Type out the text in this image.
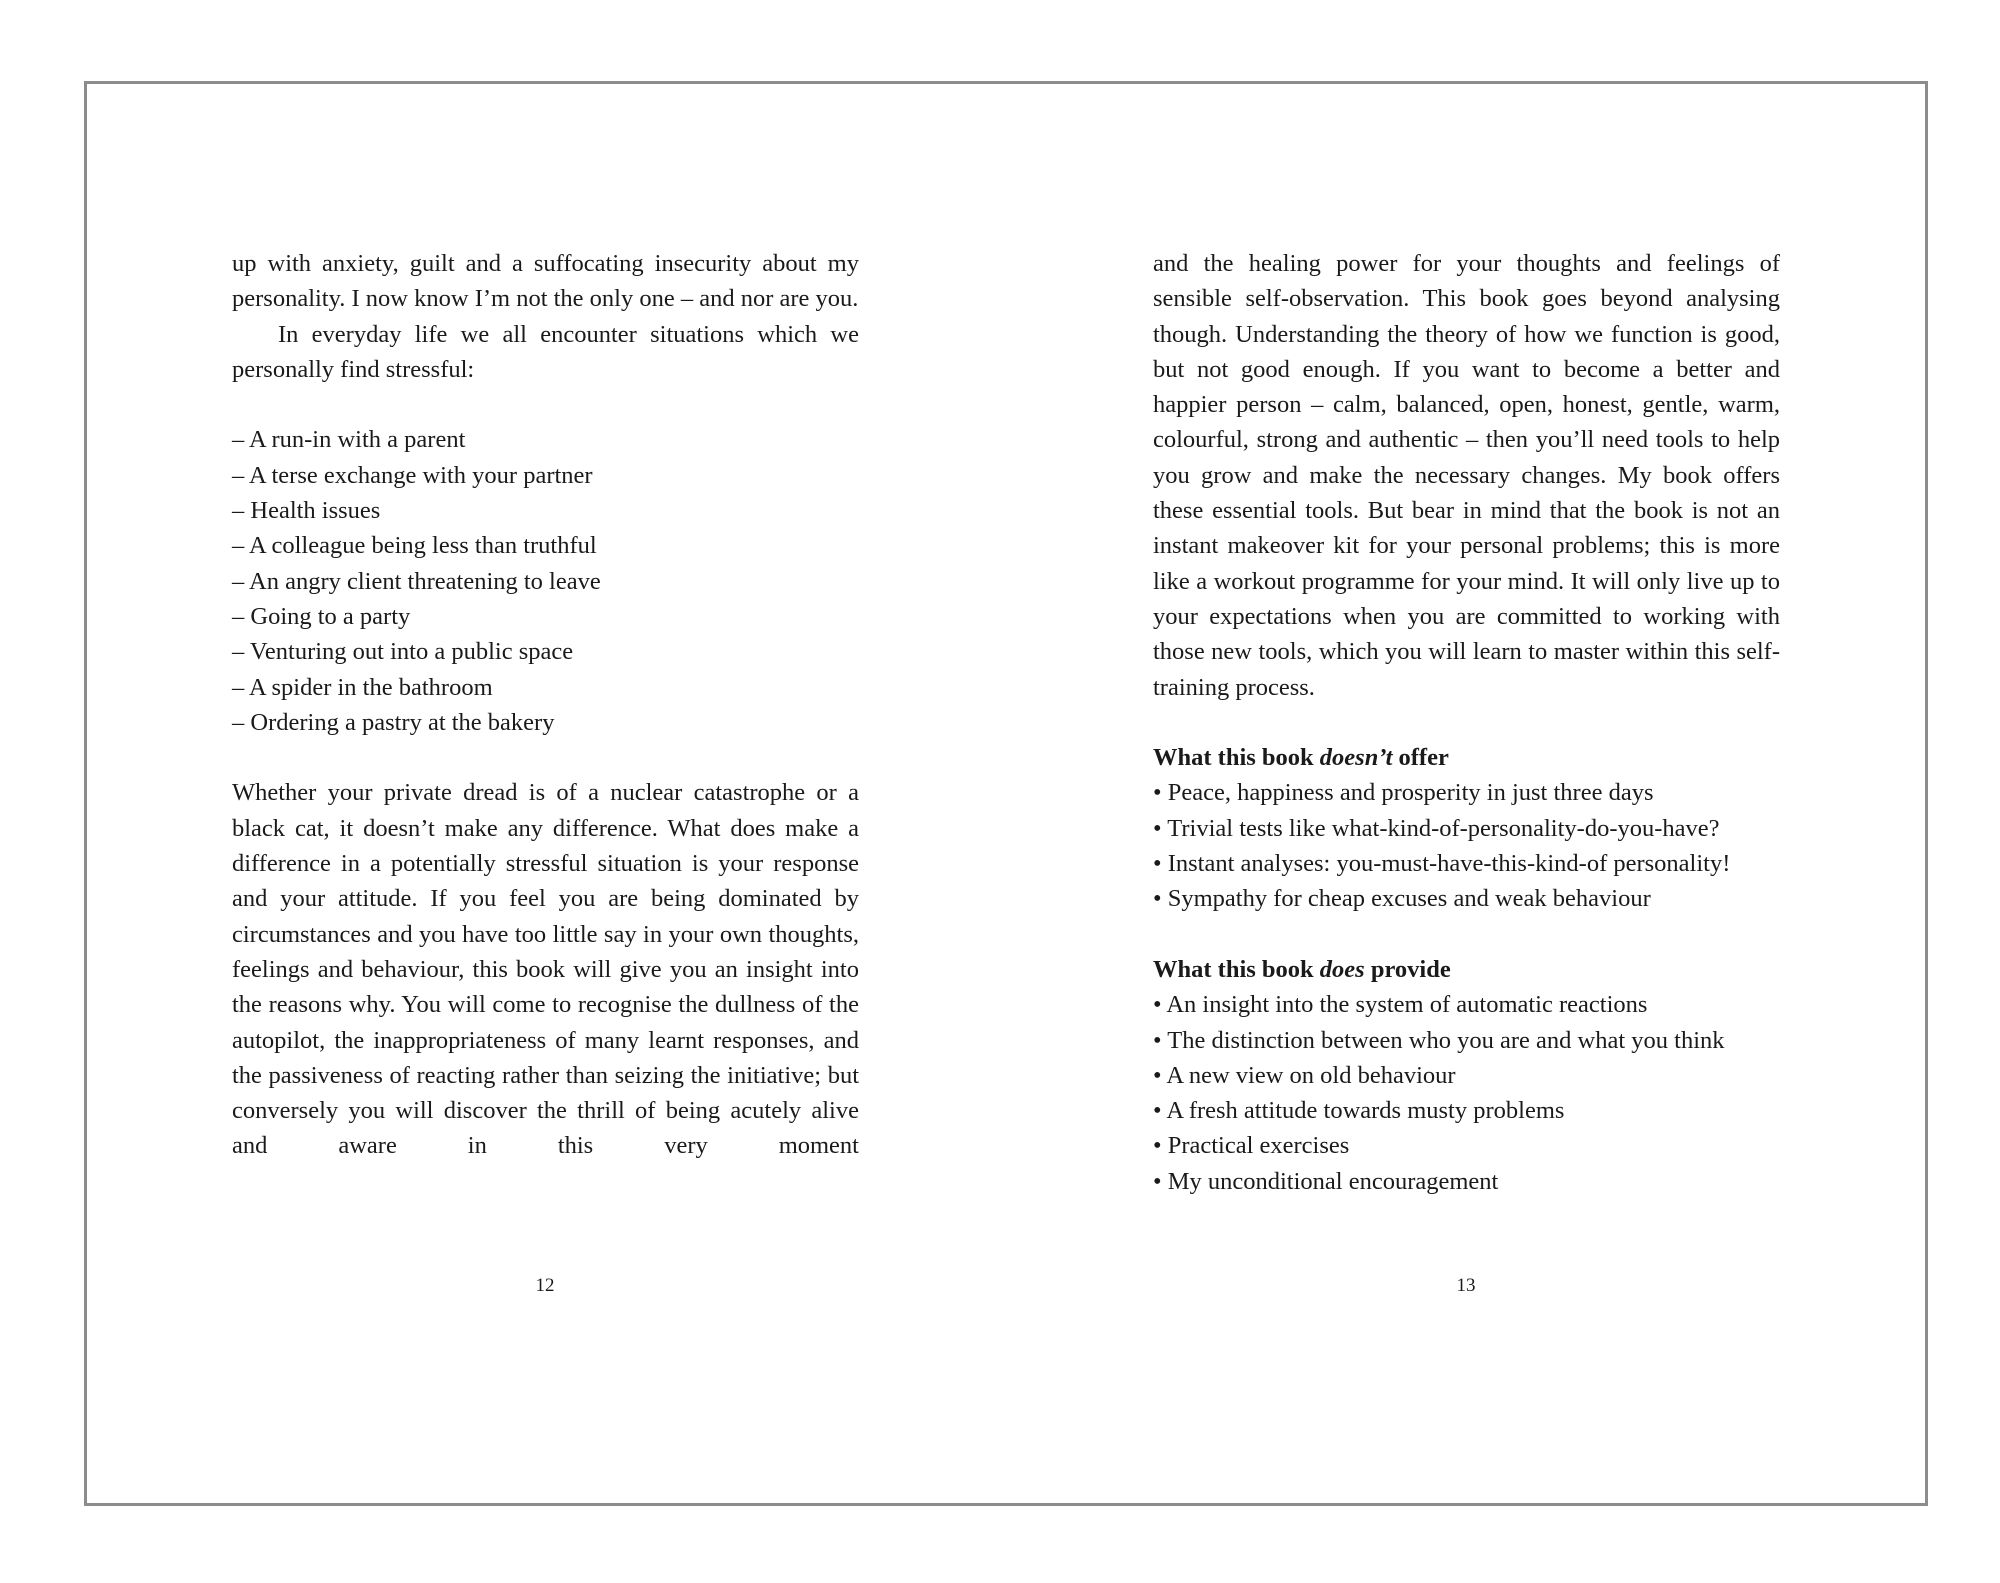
up with anxiety, guilt and a suffocating insecurity about my personality. I now know I’m not the only one – and nor are you.

In everyday life we all encounter situations which we personally find stressful:

– A run-in with a parent
– A terse exchange with your partner
– Health issues
– A colleague being less than truthful
– An angry client threatening to leave
– Going to a party
– Venturing out into a public space
– A spider in the bathroom
– Ordering a pastry at the bakery

Whether your private dread is of a nuclear catastrophe or a black cat, it doesn’t make any difference. What does make a difference in a potentially stressful situation is your response and your attitude. If you feel you are being dominated by circumstances and you have too little say in your own thoughts, feelings and behaviour, this book will give you an insight into the reasons why. You will come to recognise the dullness of the autopilot, the inappropriateness of many learnt responses, and the passiveness of reacting rather than seizing the initiative; but conversely you will discover the thrill of being acutely alive and aware in this very moment

12

and the healing power for your thoughts and feelings of sensible self-observation. This book goes beyond analysing though. Understanding the theory of how we function is good, but not good enough. If you want to become a better and happier person – calm, balanced, open, honest, gentle, warm, colourful, strong and authentic – then you’ll need tools to help you grow and make the necessary changes. My book offers these essential tools. But bear in mind that the book is not an instant makeover kit for your personal problems; this is more like a workout programme for your mind. It will only live up to your expectations when you are committed to working with those new tools, which you will learn to master within this self-training process.

What this book doesn’t offer

• Peace, happiness and prosperity in just three days
• Trivial tests like what-kind-of-personality-do-you-have?
• Instant analyses: you-must-have-this-kind-of personality!
• Sympathy for cheap excuses and weak behaviour

What this book does provide

• An insight into the system of automatic reactions
• The distinction between who you are and what you think
• A new view on old behaviour
• A fresh attitude towards musty problems
• Practical exercises
• My unconditional encouragement
13
